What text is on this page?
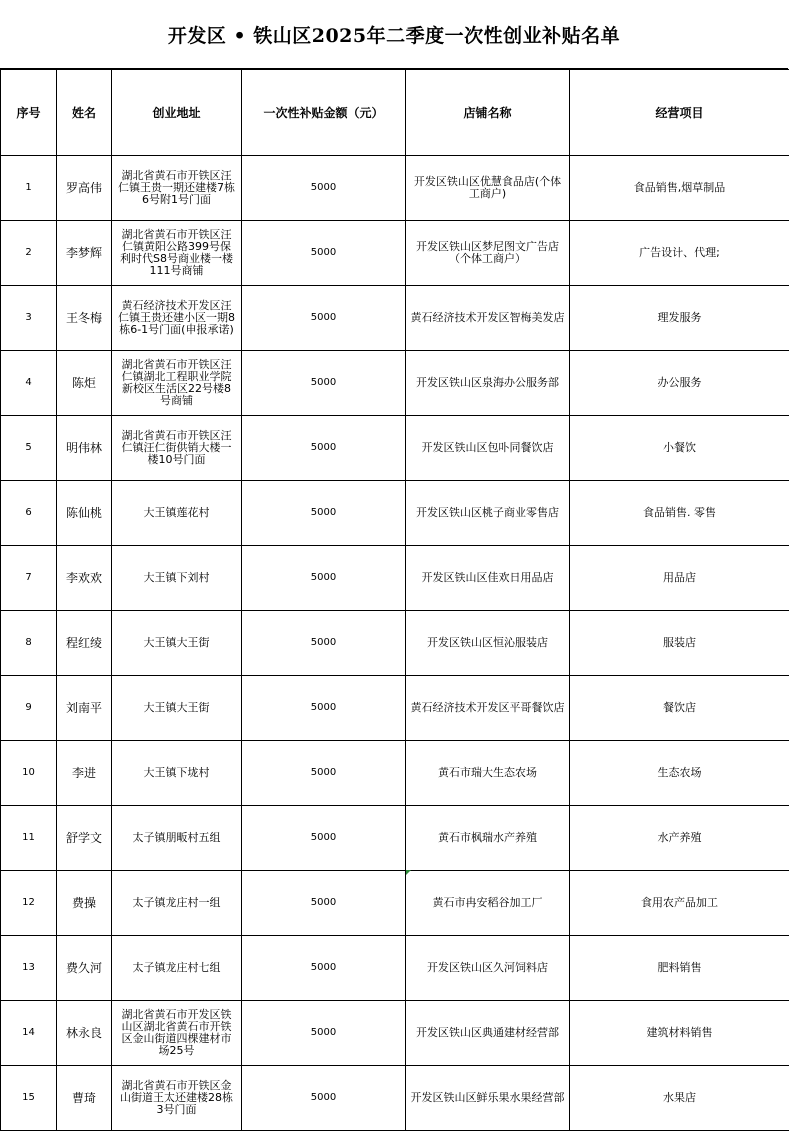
开发区 • 铁山区2025年二季度一次性创业补贴名单
序号	姓名	创业地址	一次性补贴金额（元）	店铺名称	经营项目
1	罗高伟	湖北省黄石市开铁区汪仁镇王贵一期还建楼7栋6号附1号门面	5000	开发区铁山区优慧食品店(个体工商户)	食品销售,烟草制品
2	李梦辉	湖北省黄石市开铁区汪仁镇黄阳公路399号保利时代S8号商业楼一楼111号商铺	5000	开发区铁山区梦尼图文广告店（个体工商户）	广告设计、代理;
3	王冬梅	黄石经济技术开发区汪仁镇王贵还建小区一期8栋6-1号门面(申报承诺)	5000	黄石经济技术开发区智梅美发店	理发服务
4	陈炬	湖北省黄石市开铁区汪仁镇湖北工程职业学院新校区生活区22号楼8号商铺	5000	开发区铁山区泉海办公服务部	办公服务
5	明伟林	湖北省黄石市开铁区汪仁镇汪仁街供销大楼一楼10号门面	5000	开发区铁山区包卟同餐饮店	小餐饮
6	陈仙桃	大王镇莲花村	5000	开发区铁山区桃子商业零售店	食品销售. 零售
7	李欢欢	大王镇下刘村	5000	开发区铁山区佳欢日用品店	用品店
8	程红绫	大王镇大王街	5000	开发区铁山区恒沁服装店	服装店
9	刘南平	大王镇大王街	5000	黄石经济技术开发区平哥餐饮店	餐饮店
10	李进	大王镇下垅村	5000	黄石市瑞大生态农场	生态农场
11	舒学文	太子镇朋畈村五组	5000	黄石市枫瑞水产养殖	水产养殖
12	费操	太子镇龙庄村一组	5000	黄石市冉安稻谷加工厂	食用农产品加工
13	费久河	太子镇龙庄村七组	5000	开发区铁山区久河饲料店	肥料销售
14	林永良	湖北省黄石市开发区铁山区湖北省黄石市开铁区金山街道四棵建材市场25号	5000	开发区铁山区典通建材经营部	建筑材料销售
15	曹琦	湖北省黄石市开铁区金山街道王太还建楼28栋3号门面	5000	开发区铁山区鲜乐果水果经营部	水果店
